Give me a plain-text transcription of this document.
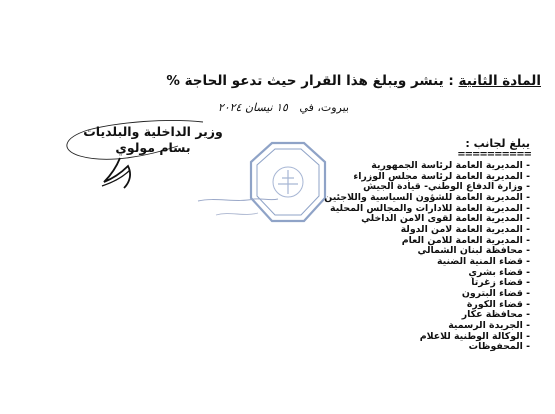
المادة الثانية : ينشر ويبلغ هذا القرار حيث تدعو الحاجة %
بيروت، في ١٥ نيسان ٢٠٢٤
وزير الداخلية والبلديات
بسام مولوي	يبلغ لجانب :
==========
- المديرية العامة لرئاسة الجمهورية
- المديرية العامة لرئاسة مجلس الوزراء
- وزارة الدفاع الوطني- قيادة الجيش
- المديرية العامة للشؤون السياسية واللاجئين
- المديرية العامة للادارات والمجالس المحلية
- المديرية العامة لقوى الامن الداخلي
- المديرية العامة لامن الدولة
- المديرية العامة للامن العام
- محافظة لبنان الشمالي
- قضاء المنية الضنية
- قضاء بشري
- قضاء زغرتا
- قضاء البترون
- قضاء الكورة
- محافظة عكار
- الجريدة الرسمية
- الوكالة الوطنية للاعلام
- المحفوظات
